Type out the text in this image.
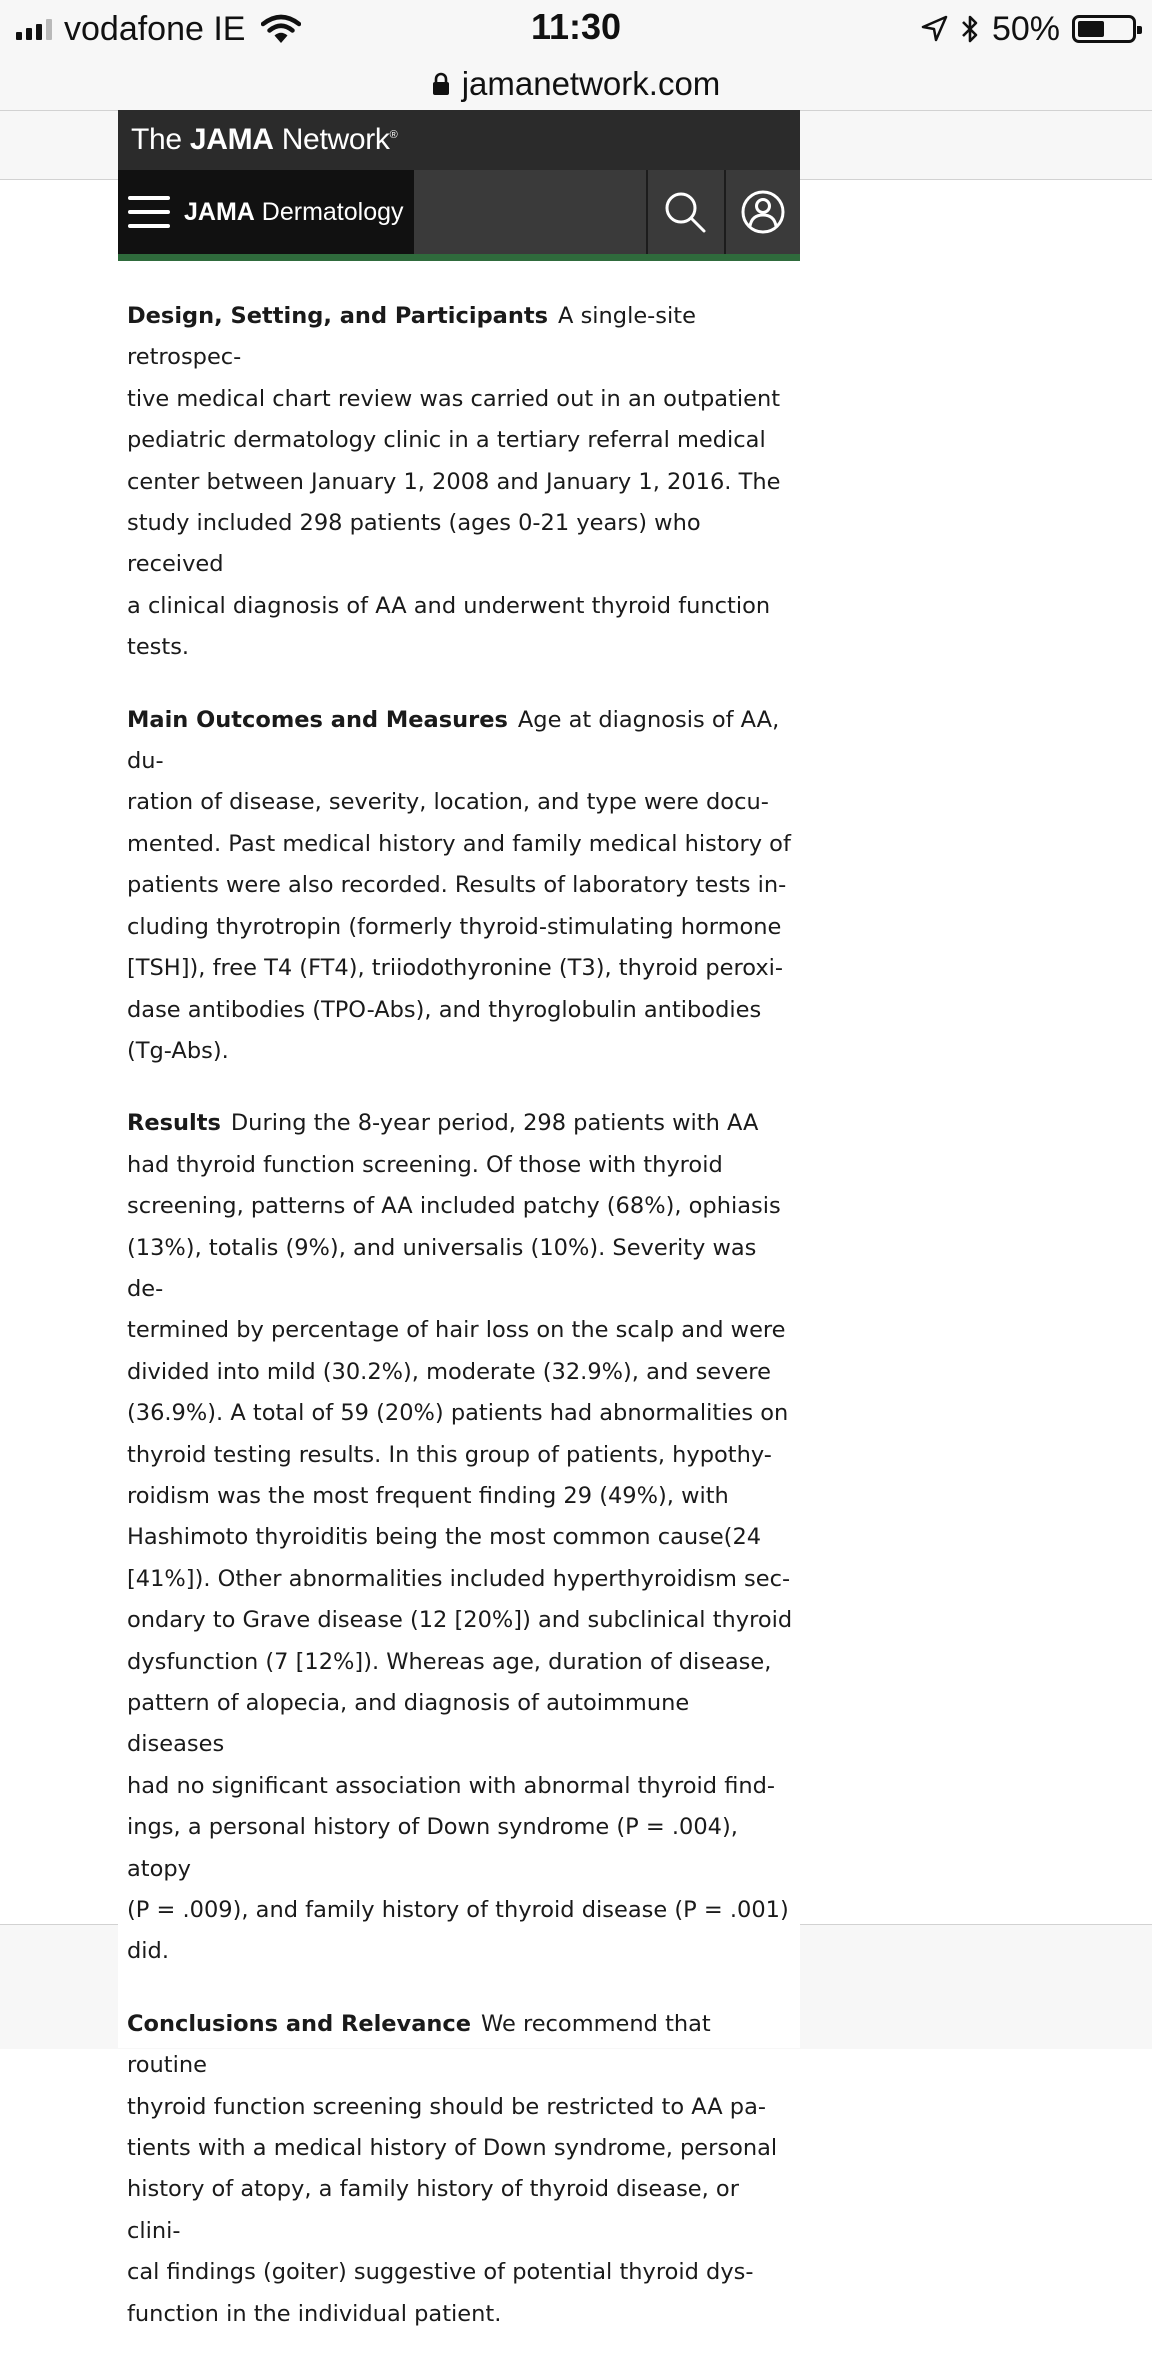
vodafone IE	11:30	50%
jamanetwork.com
The JAMA Network®
JAMA Dermatology

Design, Setting, and Participants A single-site retrospec-
tive medical chart review was carried out in an outpatient
pediatric dermatology clinic in a tertiary referral medical
center between January 1, 2008 and January 1, 2016. The
study included 298 patients (ages 0-21 years) who received
a clinical diagnosis of AA and underwent thyroid function
tests.

Main Outcomes and Measures Age at diagnosis of AA, du-
ration of disease, severity, location, and type were docu-
mented. Past medical history and family medical history of
patients were also recorded. Results of laboratory tests in-
cluding thyrotropin (formerly thyroid-stimulating hormone
[TSH]), free T4 (FT4), triiodothyronine (T3), thyroid peroxi-
dase antibodies (TPO-Abs), and thyroglobulin antibodies
(Tg-Abs).

Results During the 8-year period, 298 patients with AA
had thyroid function screening. Of those with thyroid
screening, patterns of AA included patchy (68%), ophiasis
(13%), totalis (9%), and universalis (10%). Severity was de-
termined by percentage of hair loss on the scalp and were
divided into mild (30.2%), moderate (32.9%), and severe
(36.9%). A total of 59 (20%) patients had abnormalities on
thyroid testing results. In this group of patients, hypothy-
roidism was the most frequent finding 29 (49%), with
Hashimoto thyroiditis being the most common cause(24
[41%]). Other abnormalities included hyperthyroidism sec-
ondary to Grave disease (12 [20%]) and subclinical thyroid
dysfunction (7 [12%]). Whereas age, duration of disease,
pattern of alopecia, and diagnosis of autoimmune diseases
had no significant association with abnormal thyroid find-
ings, a personal history of Down syndrome (P = .004), atopy
(P = .009), and family history of thyroid disease (P = .001)
did.

Conclusions and Relevance We recommend that routine
thyroid function screening should be restricted to AA pa-
tients with a medical history of Down syndrome, personal
history of atopy, a family history of thyroid disease, or clini-
cal findings (goiter) suggestive of potential thyroid dys-
function in the individual patient.
